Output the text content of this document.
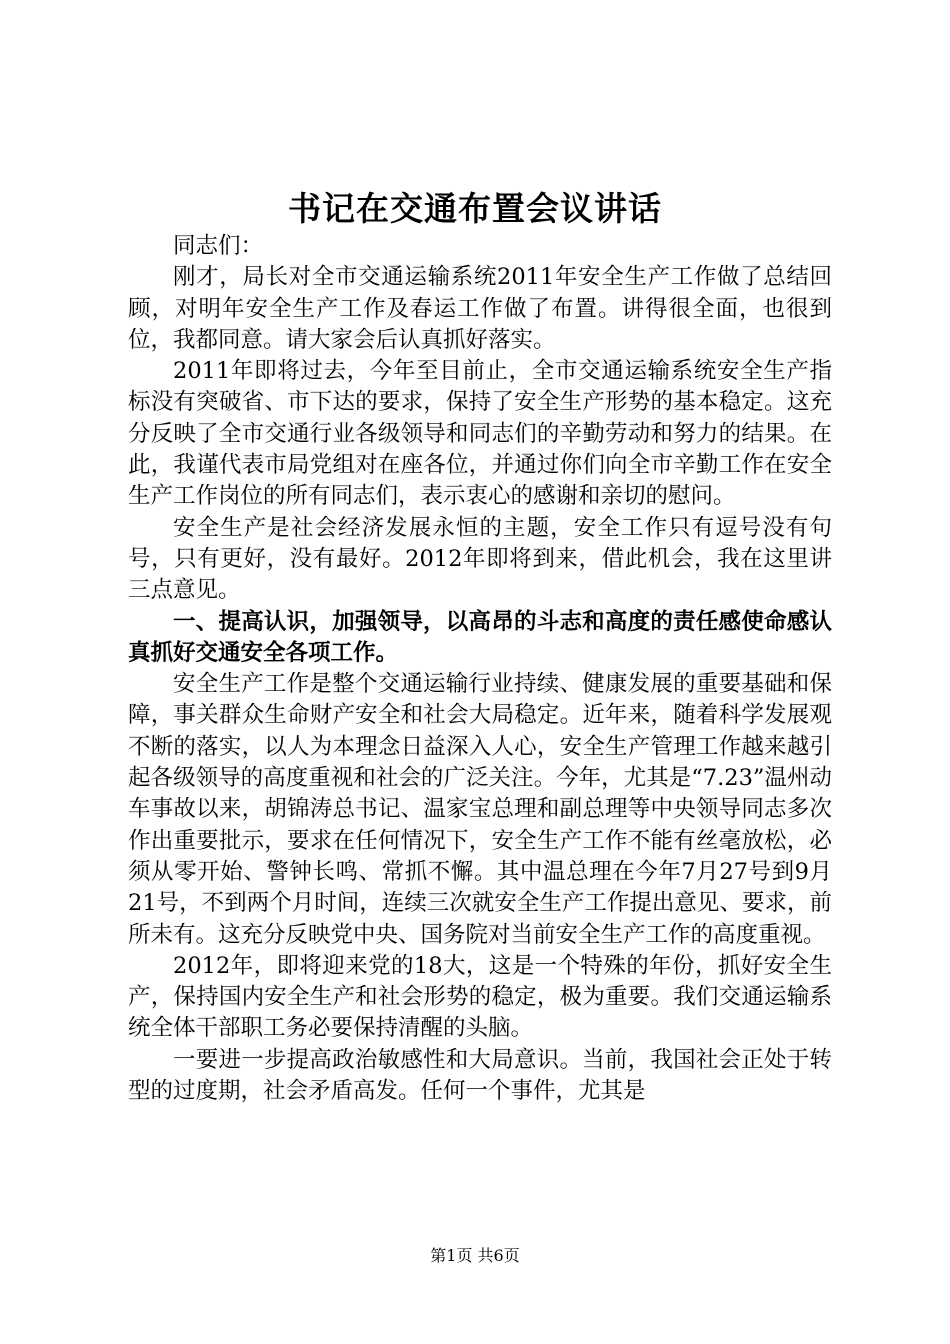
书记在交通布置会议讲话

同志们：

刚才，局长对全市交通运输系统2011年安全生产工作做了总结回顾，对明年安全生产工作及春运工作做了布置。讲得很全面，也很到位，我都同意。请大家会后认真抓好落实。

2011年即将过去，今年至目前止，全市交通运输系统安全生产指标没有突破省、市下达的要求，保持了安全生产形势的基本稳定。这充分反映了全市交通行业各级领导和同志们的辛勤劳动和努力的结果。在此，我谨代表市局党组对在座各位，并通过你们向全市辛勤工作在安全生产工作岗位的所有同志们，表示衷心的感谢和亲切的慰问。

安全生产是社会经济发展永恒的主题，安全工作只有逗号没有句号，只有更好，没有最好。2012年即将到来，借此机会，我在这里讲三点意见。

一、提高认识，加强领导，以高昂的斗志和高度的责任感使命感认真抓好交通安全各项工作。

安全生产工作是整个交通运输行业持续、健康发展的重要基础和保障，事关群众生命财产安全和社会大局稳定。近年来，随着科学发展观不断的落实，以人为本理念日益深入人心，安全生产管理工作越来越引起各级领导的高度重视和社会的广泛关注。今年，尤其是“7.23”温州动车事故以来，胡锦涛总书记、温家宝总理和副总理等中央领导同志多次作出重要批示，要求在任何情况下，安全生产工作不能有丝毫放松，必须从零开始、警钟长鸣、常抓不懈。其中温总理在今年7月27号到9月21号，不到两个月时间，连续三次就安全生产工作提出意见、要求，前所未有。这充分反映党中央、国务院对当前安全生产工作的高度重视。

2012年，即将迎来党的18大，这是一个特殊的年份，抓好安全生产，保持国内安全生产和社会形势的稳定，极为重要。我们交通运输系统全体干部职工务必要保持清醒的头脑。

一要进一步提高政治敏感性和大局意识。当前，我国社会正处于转型的过度期，社会矛盾高发。任何一个事件，尤其是

第1页 共6页
